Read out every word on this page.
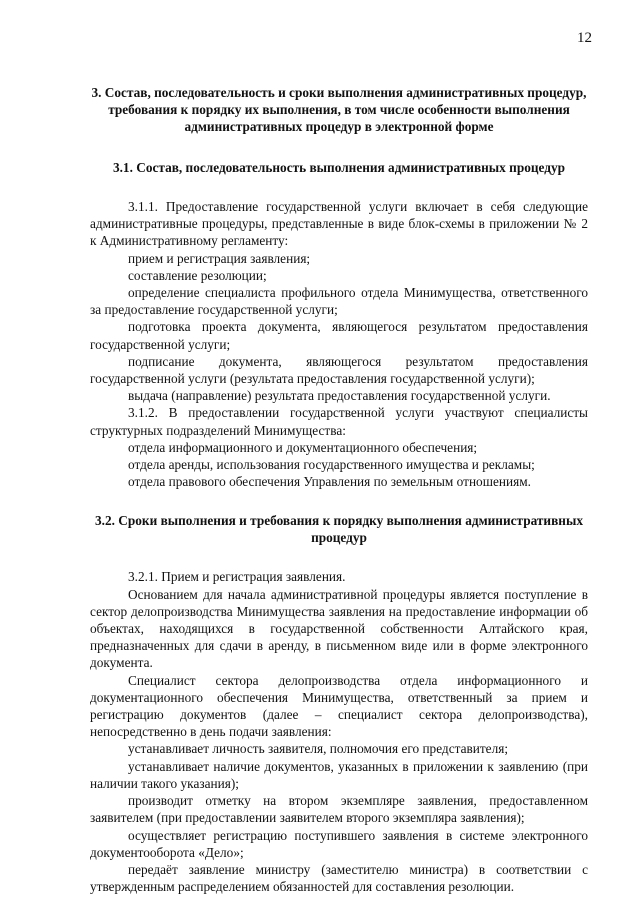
12
3. Состав, последовательность и сроки выполнения административных процедур, требования к порядку их выполнения, в том числе особенности выполнения административных процедур в электронной форме
3.1. Состав, последовательность выполнения административных процедур

3.1.1. Предоставление государственной услуги включает в себя следующие административные процедуры, представленные в виде блок-схемы в приложении № 2 к Административному регламенту:

прием и регистрация заявления;

составление резолюции;

определение специалиста профильного отдела Минимущества, ответственного за предоставление государственной услуги;

подготовка проекта документа, являющегося результатом предоставления государственной услуги;

подписание документа, являющегося результатом предоставления государственной услуги (результата предоставления государственной услуги);

выдача (направление) результата предоставления государственной услуги.

3.1.2. В предоставлении государственной услуги участвуют специалисты структурных подразделений Минимущества:

отдела информационного и документационного обеспечения;

отдела аренды, использования государственного имущества и рекламы;

отдела правового обеспечения Управления по земельным отношениям.

3.2. Сроки выполнения и требования к порядку выполнения административных процедур

3.2.1. Прием и регистрация заявления.

Основанием для начала административной процедуры является поступление в сектор делопроизводства Минимущества заявления на предоставление информации об объектах, находящихся в государственной собственности Алтайского края, предназначенных для сдачи в аренду, в письменном виде или в форме электронного документа.

Специалист сектора делопроизводства отдела информационного и документационного обеспечения Минимущества, ответственный за прием и регистрацию документов (далее – специалист сектора делопроизводства), непосредственно в день подачи заявления:

устанавливает личность заявителя, полномочия его представителя;

устанавливает наличие документов, указанных в приложении к заявлению (при наличии такого указания);

производит отметку на втором экземпляре заявления, предоставленном заявителем (при предоставлении заявителем второго экземпляра заявления);

осуществляет регистрацию поступившего заявления в системе электронного документооборота «Дело»;

передаёт заявление министру (заместителю министра) в соответствии с утвержденным распределением обязанностей для составления резолюции.
